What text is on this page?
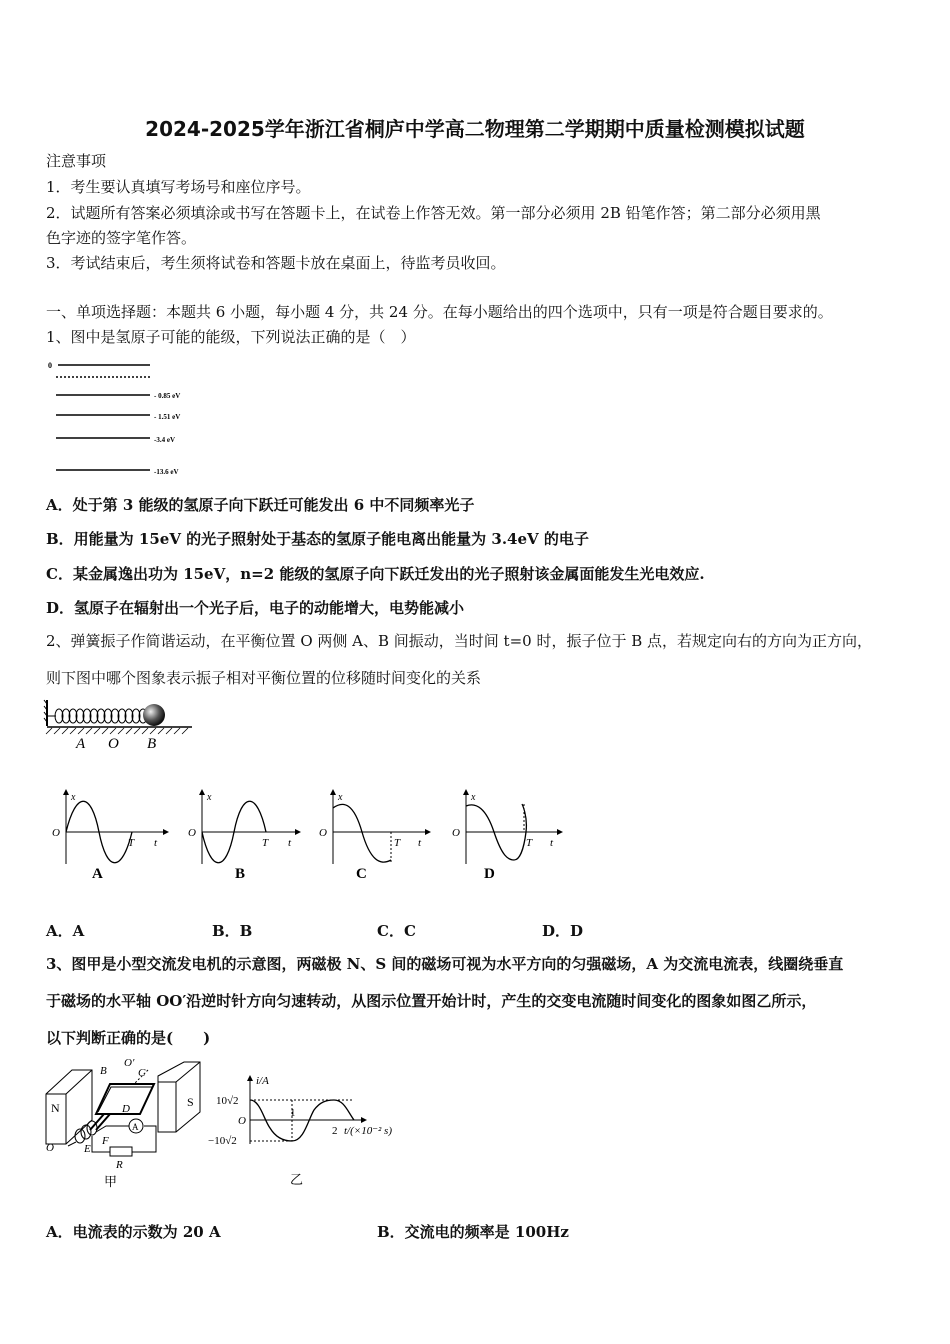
2024-2025学年浙江省桐庐中学高二物理第二学期期中质量检测模拟试题
注意事项
1．考生要认真填写考场号和座位序号。
2．试题所有答案必须填涂或书写在答题卡上，在试卷上作答无效。第一部分必须用 2B 铅笔作答；第二部分必须用黑
色字迹的签字笔作答。
3．考试结束后，考生须将试卷和答题卡放在桌面上，待监考员收回。
一、单项选择题：本题共 6 小题，每小题 4 分，共 24 分。在每小题给出的四个选项中，只有一项是符合题目要求的。
1、图中是氢原子可能的能级，下列说法正确的是（　）
0
- 0.85 eV
- 1.51 eV
-3.4 eV
-13.6 eV
A．处于第 3 能级的氢原子向下跃迁可能发出 6 中不同频率光子
B．用能量为 15eV 的光子照射处于基态的氢原子能电离出能量为 3.4eV 的电子
C．某金属逸出功为 15eV，n=2 能级的氢原子向下跃迁发出的光子照射该金属面能发生光电效应.
D．氢原子在辐射出一个光子后，电子的动能增大，电势能减小
2、弹簧振子作简谐运动，在平衡位置 O 两侧 A、B 间振动，当时间 t=0 时，振子位于 B 点，若规定向右的方向为正方向，
则下图中哪个图象表示振子相对平衡位置的位移随时间变化的关系
A O B
x
O
T t
A
x
O
T t
B
x
O
T t
C
x
O
T t
D
A．A	B．B	C．C	D．D
3、图甲是小型交流发电机的示意图，两磁极 N、S 间的磁场可视为水平方向的匀强磁场，A 为交流电流表，线圈绕垂直
于磁场的水平轴 OO′沿逆时针方向匀速转动，从图示位置开始计时，产生的交变电流随时间变化的图象如图乙所示，
以下判断正确的是(　　)
N	S
B	C
O′
D
F
A
E
R
O
甲
i/A
10√2
−10√2
O
1
2 t/(×10⁻² s)
乙
A．电流表的示数为 20 A	B．交流电的频率是 100Hz
